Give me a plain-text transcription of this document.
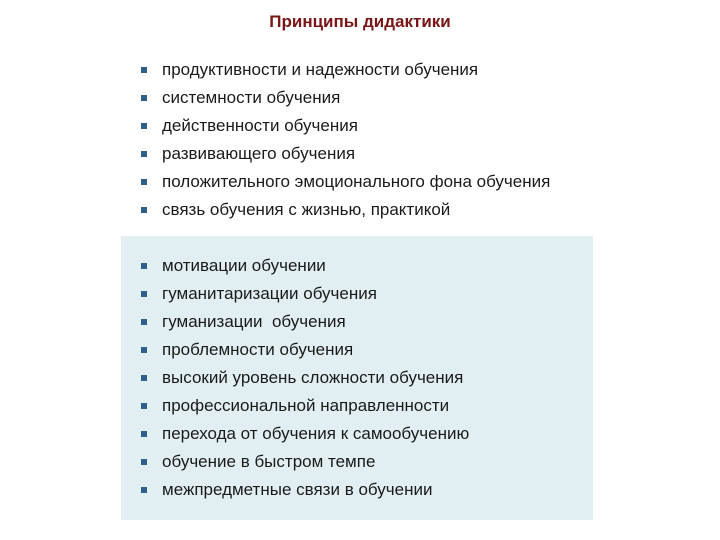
Принципы дидактики
продуктивности и надежности обучения
системности обучения
действенности обучения
развивающего обучения
положительного эмоционального фона обучения
связь обучения с жизнью, практикой
мотивации обучении
гуманитаризации обучения
гуманизации  обучения
проблемности обучения
высокий уровень сложности обучения
профессиональной направленности
перехода от обучения к самообучению
обучение в быстром темпе
межпредметные связи в обучении
